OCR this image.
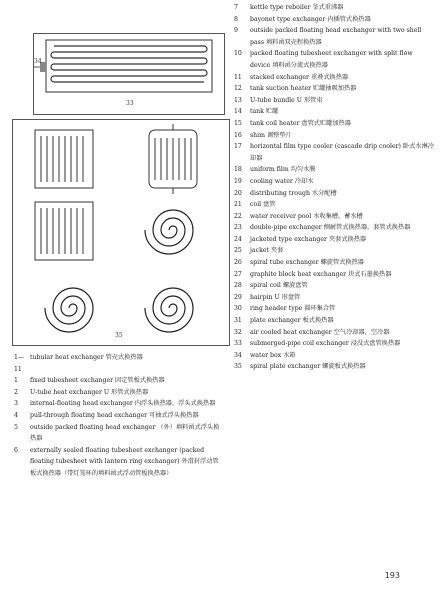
34
33
35
1—11
tubular heat exchanger 管壳式换热器
1	fixed tubesheet exchanger 固定管板式换热器
2	U-tube heat exchanger U 形管式换热器
3	internal-floating head exchanger 内浮头换热器，浮头式换热器
4	pull-through floating head exchanger 可抽式浮头换热器
5	outside packed floating head exchanger （外）填料函式浮头换热器
6	externally sealed floating tubesheet exchanger (packed floating tubesheet with lantern ring exchanger) 外滑封浮动管板式换热器（带灯笼环的填料函式浮动管板换热器）
7	kettle type reboiler 釜式重沸器
8	bayonet type exchanger 内插管式换热器
9	outside packed floating head exchanger with two shell pass 填料函双壳程换热器
10	packed floating tubesheet exchanger with split flow device 填料函分流式换热器
11	stacked exchanger 重叠式换热器
12	tank suction heater 贮罐抽吸加热器
13	U-tube bundle U 形管束
14	tank 贮罐
15	tank coil heater 盘管式贮罐加热器
16	shim 调整垫片
17	horizontal film type cooler (cascade drip cooler) 卧式水淋冷却器
18	uniform film 均匀水膜
19	cooling water 冷却水
20	distributing trough 水分配槽
21	coil 盘管
22	water receiver pool 水收集槽，蓄水槽
23	double-pipe exchanger 侧耐管式换热器，套管式换热器
24	jacketed type exchanger 夹套式换热器
25	jacket 夹套
26	spiral tube exchanger 螺旋管式换热器
27	graphite block heat exchanger 块式石墨换热器
28	spiral coil 螺旋盘管
29	hairpin U 形盘管
30	ring header type 圆环集合管
31	plate exchanger 板式换热器
32	air cooled heat exchanger 空气冷却器，空冷器
33	submerged-pipe coil exchanger 浸没式盘管换热器
34	water box 水箱
35	spiral plate exchanger 螺旋板式换热器
193
